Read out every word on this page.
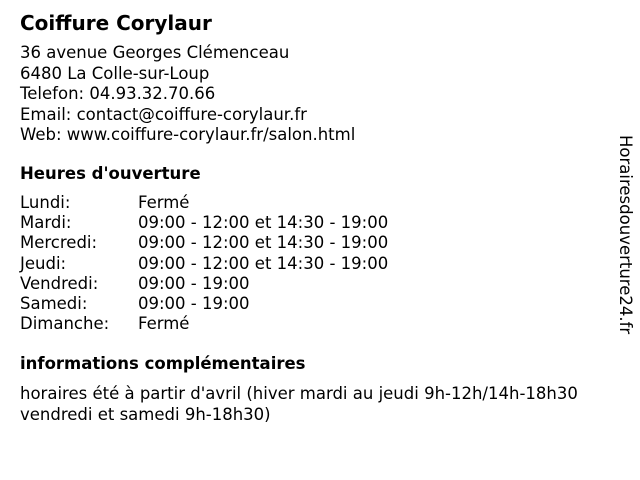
Coiffure Corylaur
36 avenue Georges Clémenceau
6480 La Colle-sur-Loup
Telefon: 04.93.32.70.66
Email: contact@coiffure-corylaur.fr
Web: www.coiffure-corylaur.fr/salon.html
Heures d'ouverture
Lundi:	Fermé
Mardi:	09:00 - 12:00 et 14:30 - 19:00
Mercredi: 09:00 - 12:00 et 14:30 - 19:00
Jeudi:	09:00 - 12:00 et 14:30 - 19:00
Vendredi: 09:00 - 19:00
Samedi:	09:00 - 19:00
Dimanche: Fermé
informations complémentaires
horaires été à partir d'avril (hiver mardi au jeudi 9h-12h/14h-18h30 vendredi et samedi 9h-18h30)
Horairesdouverture24.fr
